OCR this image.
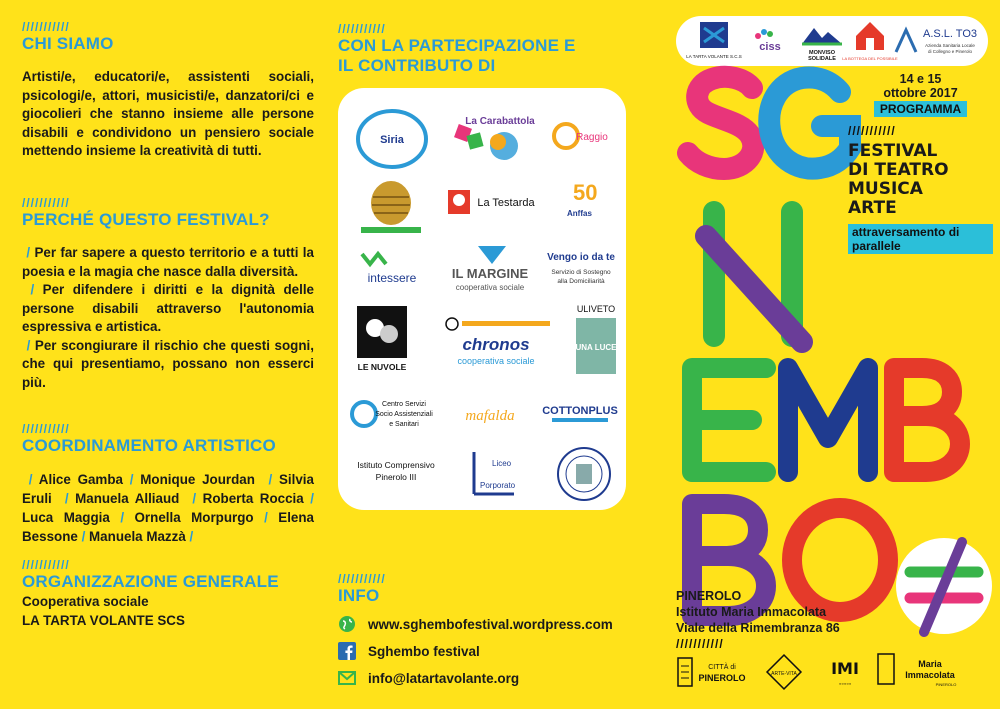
///////////
CHI SIAMO
Artisti/e, educatori/e, assistenti sociali, psicologi/e, attori, musicisti/e, danzatori/ci e giocolieri che stanno insieme alle persone disabili e condividono un pensiero sociale mettendo insieme la creatività di tutti.
///////////
PERCHÉ QUESTO FESTIVAL?
/ Per far sapere a questo territorio e a tutti la poesia e la magia che nasce dalla diversità.
/ Per difendere i diritti e la dignità delle persone disabili attraverso l'autonomia espressiva e artistica.
/ Per scongiurare il rischio che questi sogni, che qui presentiamo, possano non esserci più.
///////////
COORDINAMENTO ARTISTICO
/ Alice Gamba / Monique Jourdan / Silvia Eruli / Manuela Alliaud / Roberta Roccia / Luca Maggia / Ornella Morpurgo / Elena Bessone / Manuela Mazzà /
///////////
ORGANIZZAZIONE GENERALE
Cooperativa sociale
LA TARTA VOLANTE SCS
///////////
CON LA PARTECIPAZIONE E
IL CONTRIBUTO DI
Siria
La Carabattola
Raggio
La Testarda 50
Anffas
intessere	IL MARGINE
cooperativa sociale
Vengo io da te
Servizio di Sostegno
alla Domiciliarità
LE NUVOLE
chronos
cooperativa sociale
ULIVETO
UNA LUCE
Centro Servizi
Socio Assistenziali
e Sanitari
mafalda	COTTONPLUS
Istituto Comprensivo
Pinerolo III
Liceo
Porporato
///////////
INFO
www.sghembofestival.wordpress.com
Sghembo festival
info@latartavolante.org
LA TARTA VOLANTE S.C.S
ciss	MONVISO
SOLIDALE LA BOTTEGA DEL POSSIBILE
A.S.L. TO3
Azienda Sanitaria Locale
di Collegno e Pinerolo
14 e 15
ottobre 2017
PROGRAMMA
///////////
FESTIVAL
DI TEATRO
MUSICA
ARTE
attraversamento di parallele
PINEROLO
Istituto Maria Immacolata
Viale della Rimembranza 86
///////////
CITTÀ di
PINEROLO	ARTE-VITA IMI
◦◦◦◦◦
Maria
Immacolata
PINEROLO
